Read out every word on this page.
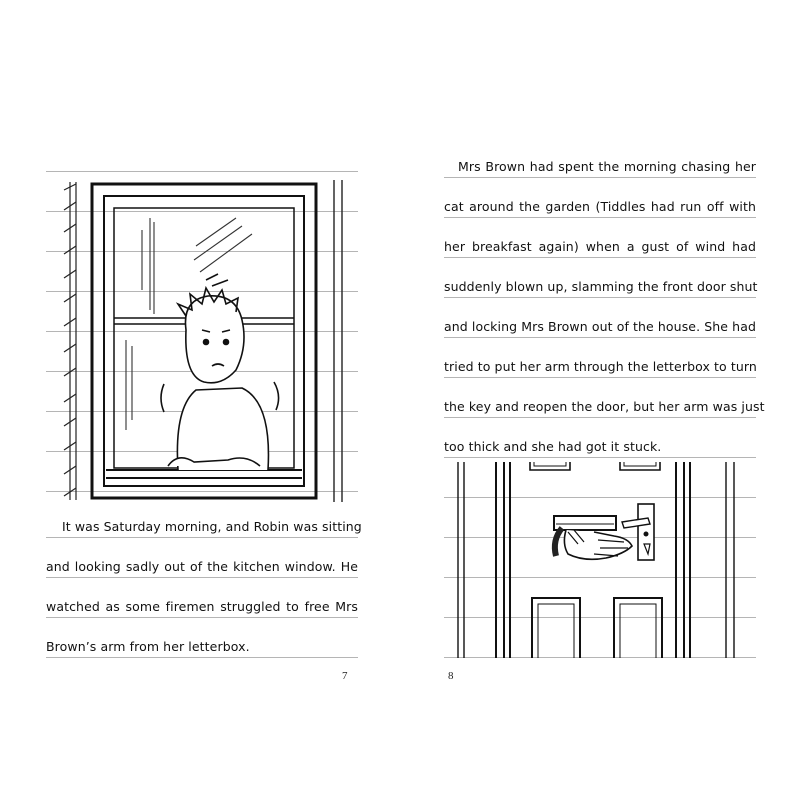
It was Saturday morning, and Robin was sitting
and looking sadly out of the kitchen window. He
watched as some firemen struggled to free Mrs
Brown’s arm from her letterbox.
7
Mrs Brown had spent the morning chasing her
cat around the garden (Tiddles had run off with
her breakfast again) when a gust of wind had
suddenly blown up, slamming the front door shut
and locking Mrs Brown out of the house. She had
tried to put her arm through the letterbox to turn
the key and reopen the door, but her arm was just
too thick and she had got it stuck.
8
